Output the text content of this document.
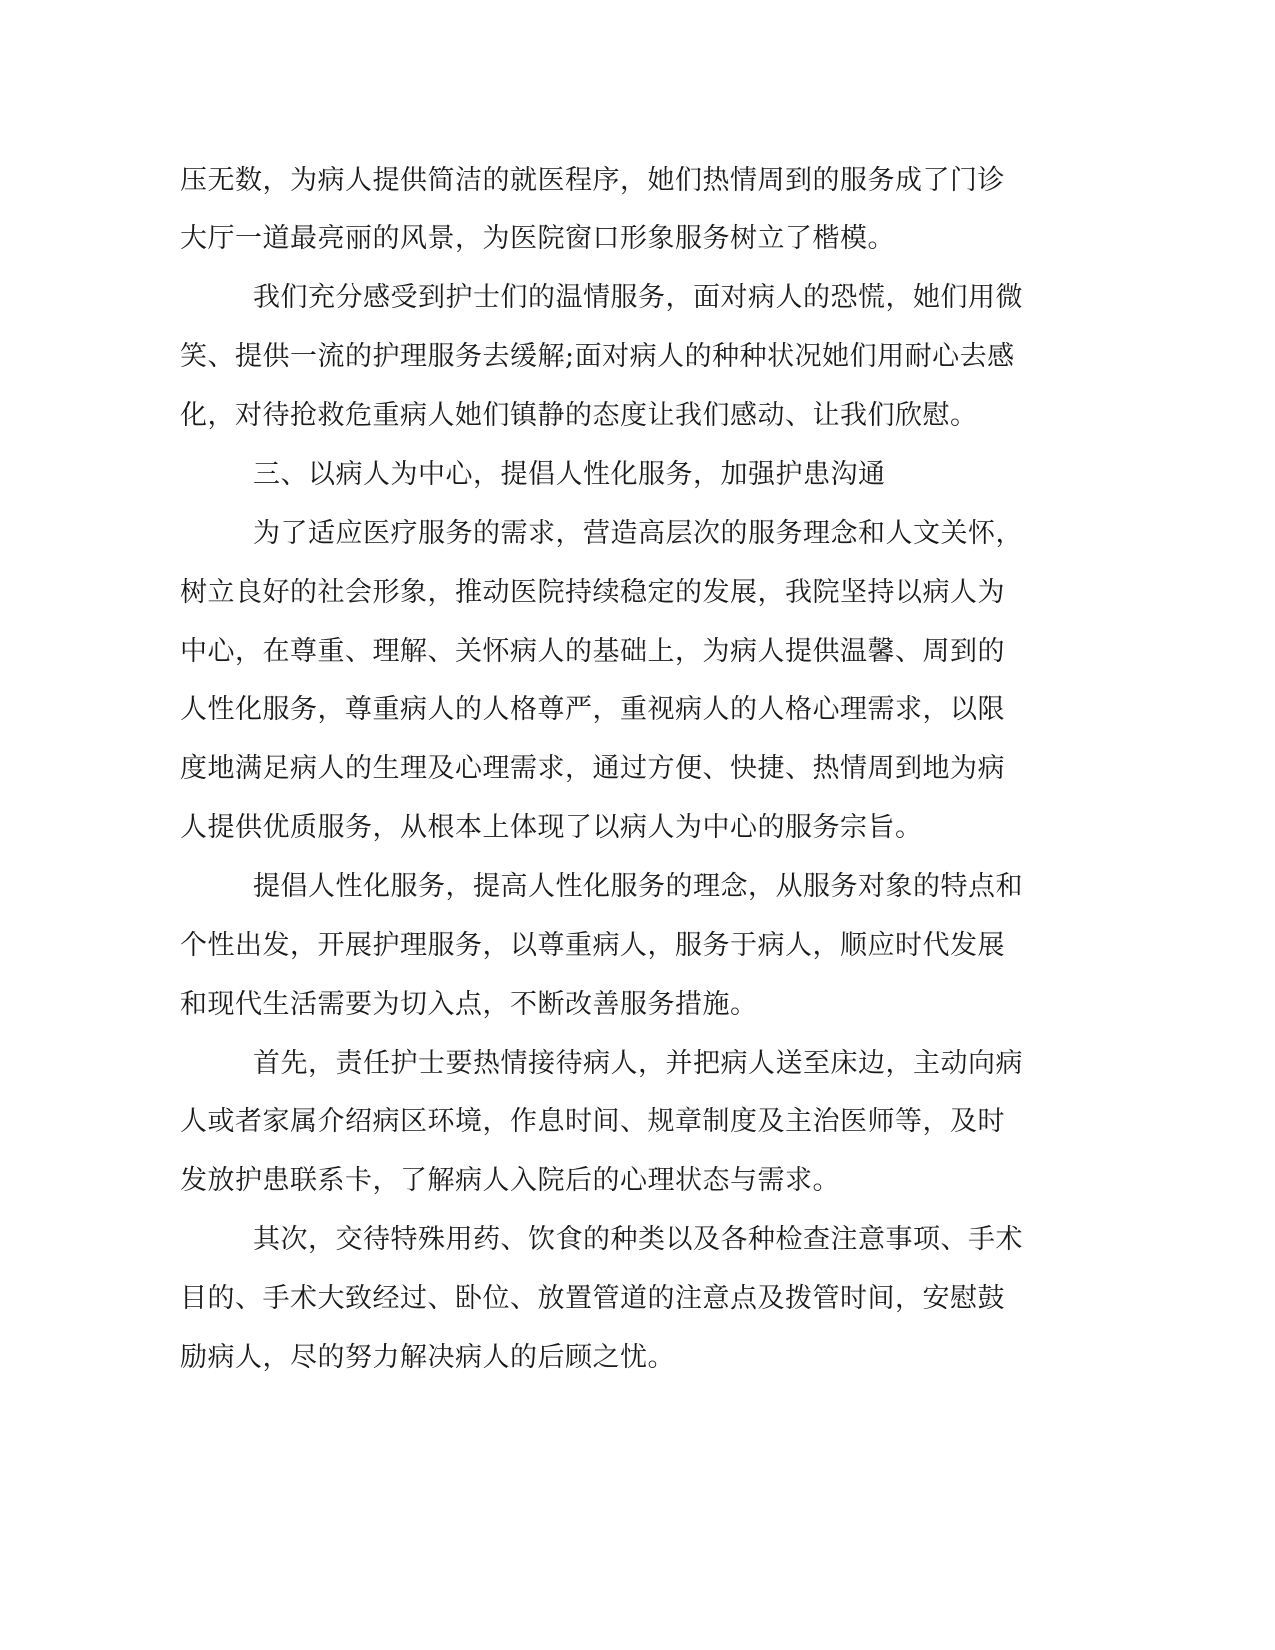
压无数，为病人提供简洁的就医程序，她们热情周到的服务成了门诊
大厅一道最亮丽的风景，为医院窗口形象服务树立了楷模。
我们充分感受到护士们的温情服务，面对病人的恐慌，她们用微
笑、提供一流的护理服务去缓解;面对病人的种种状况她们用耐心去感
化，对待抢救危重病人她们镇静的态度让我们感动、让我们欣慰。
三、以病人为中心，提倡人性化服务，加强护患沟通
为了适应医疗服务的需求，营造高层次的服务理念和人文关怀，
树立良好的社会形象，推动医院持续稳定的发展，我院坚持以病人为
中心，在尊重、理解、关怀病人的基础上，为病人提供温馨、周到的
人性化服务，尊重病人的人格尊严，重视病人的人格心理需求，以限
度地满足病人的生理及心理需求，通过方便、快捷、热情周到地为病
人提供优质服务，从根本上体现了以病人为中心的服务宗旨。
提倡人性化服务，提高人性化服务的理念，从服务对象的特点和
个性出发，开展护理服务，以尊重病人，服务于病人，顺应时代发展
和现代生活需要为切入点，不断改善服务措施。
首先，责任护士要热情接待病人，并把病人送至床边，主动向病
人或者家属介绍病区环境，作息时间、规章制度及主治医师等，及时
发放护患联系卡，了解病人入院后的心理状态与需求。
其次，交待特殊用药、饮食的种类以及各种检查注意事项、手术
目的、手术大致经过、卧位、放置管道的注意点及拨管时间，安慰鼓
励病人，尽的努力解决病人的后顾之忧。
